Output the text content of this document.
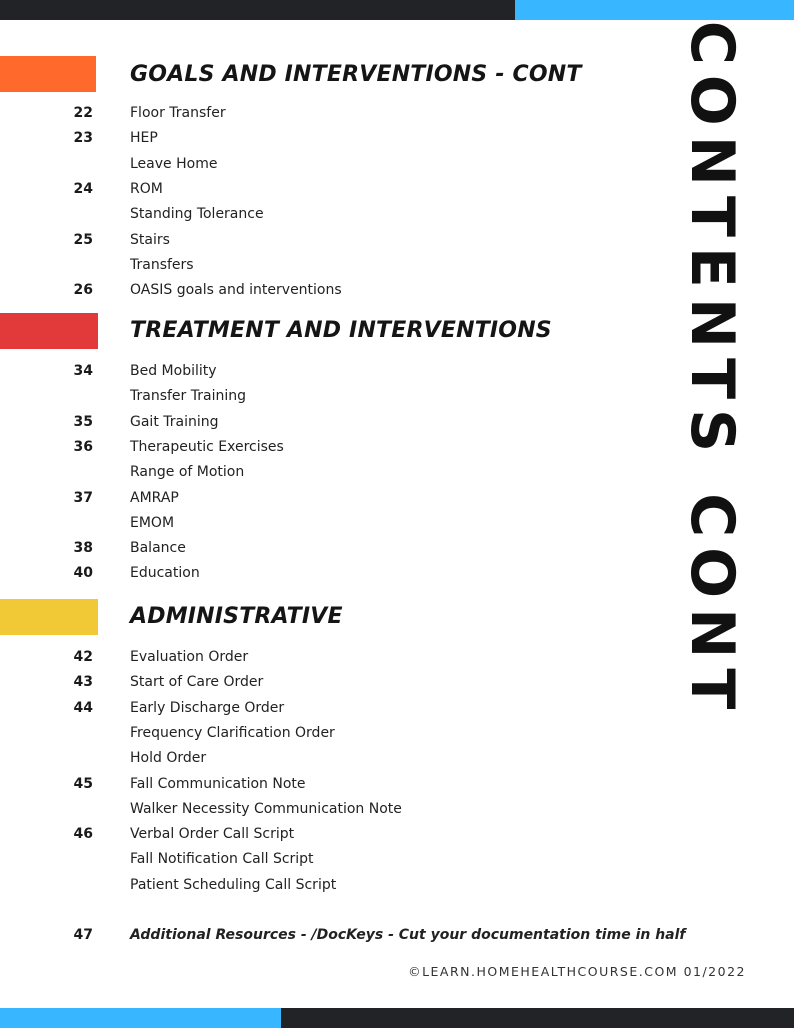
GOALS AND INTERVENTIONS - CONT
22	Floor Transfer
23	HEP
Leave Home
24	ROM
Standing Tolerance
25	Stairs
Transfers
26	OASIS goals and interventions
TREATMENT AND INTERVENTIONS
34	Bed Mobility
Transfer Training
35	Gait Training
36	Therapeutic Exercises
Range of Motion
37	AMRAP
EMOM
38	Balance
40	Education
ADMINISTRATIVE
42	Evaluation Order
43	Start of Care Order
44	Early Discharge Order
Frequency Clarification Order
Hold Order
45	Fall Communication Note
Walker Necessity Communication Note
46	Verbal Order Call Script
Fall Notification Call Script
Patient Scheduling Call Script
47	Additional Resources - /DocKeys - Cut your documentation time in half
CONTENTS CONT
©LEARN.HOMEHEALTHCOURSE.COM 01/2022
